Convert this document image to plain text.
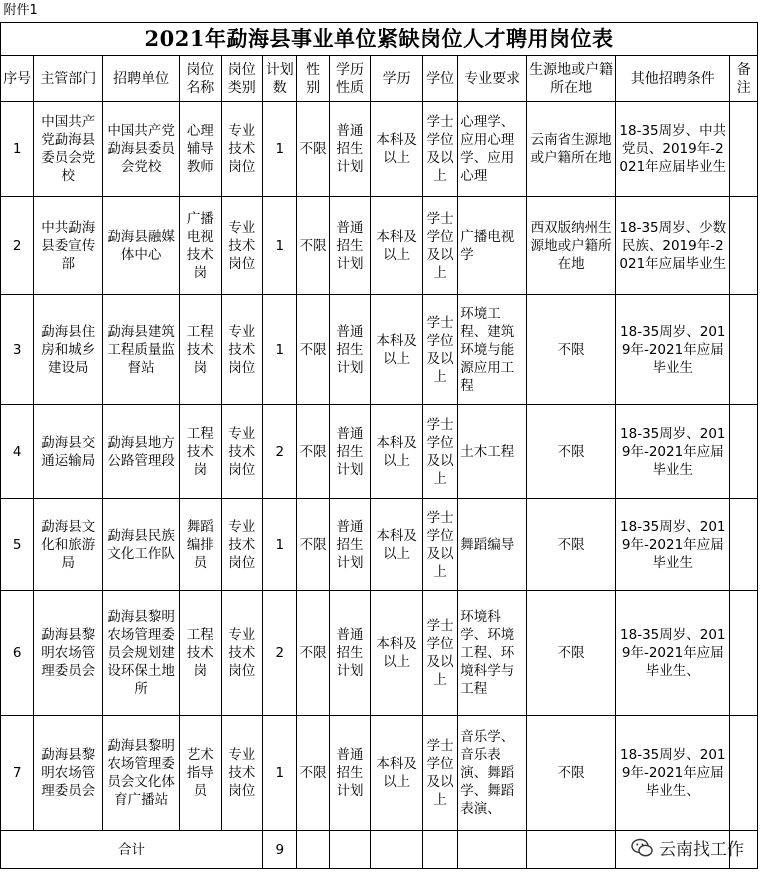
附件1													
2021年勐海县事业单位紧缺岗位人才聘用岗位表													
序号	主管部门	招聘单位	岗位名称	岗位类别	计划数	性别	学历性质	学历	学位	专业要求	生源地或户籍所在地	其他招聘条件	备注
1	中国共产党勐海县委员会党校	中国共产党勐海县委员会党校	心理辅导教师	专业技术岗位	1	不限	普通招生计划	本科及以上	学士学位及以上	心理学、应用心理学、应用心理	云南省生源地或户籍所在地	18-35周岁、中共党员、2019年-2021年应届毕业生	
2	中共勐海县委宣传部	勐海县融媒体中心	广播电视技术岗	专业技术岗位	1	不限	普通招生计划	本科及以上	学士学位及以上	广播电视学	西双版纳州生源地或户籍所在地	18-35周岁、少数民族、2019年-2021年应届毕业生	
3	勐海县住房和城乡建设局	勐海县建筑工程质量监督站	工程技术岗	专业技术岗位	1	不限	普通招生计划	本科及以上	学士学位及以上	环境工程、建筑环境与能源应用工程	不限	18-35周岁、2019年-2021年应届毕业生	
4	勐海县交通运输局	勐海县地方公路管理段	工程技术岗	专业技术岗位	2	不限	普通招生计划	本科及以上	学士学位及以上	土木工程	不限	18-35周岁、2019年-2021年应届毕业生	
5	勐海县文化和旅游局	勐海县民族文化工作队	舞蹈编排员	专业技术岗位	1	不限	普通招生计划	本科及以上	学士学位及以上	舞蹈编导	不限	18-35周岁、2019年-2021年应届毕业生	
6	勐海县黎明农场管理委员会	勐海县黎明农场管理委员会规划建设环保土地所	工程技术岗	专业技术岗位	2	不限	普通招生计划	本科及以上	学士学位及以上	环境科学、环境工程、环境科学与工程	不限	18-35周岁、2019年-2021年应届毕业生、	
7	勐海县黎明农场管理委员会	勐海县黎明农场管理委员会文化体育广播站	艺术指导员	专业技术岗位	1	不限	普通招生计划	本科及以上	学士学位及以上	音乐学、音乐表演、舞蹈学、舞蹈表演、	不限	18-35周岁、2019年-2021年应届毕业生、	
合计					9									云南找工作
